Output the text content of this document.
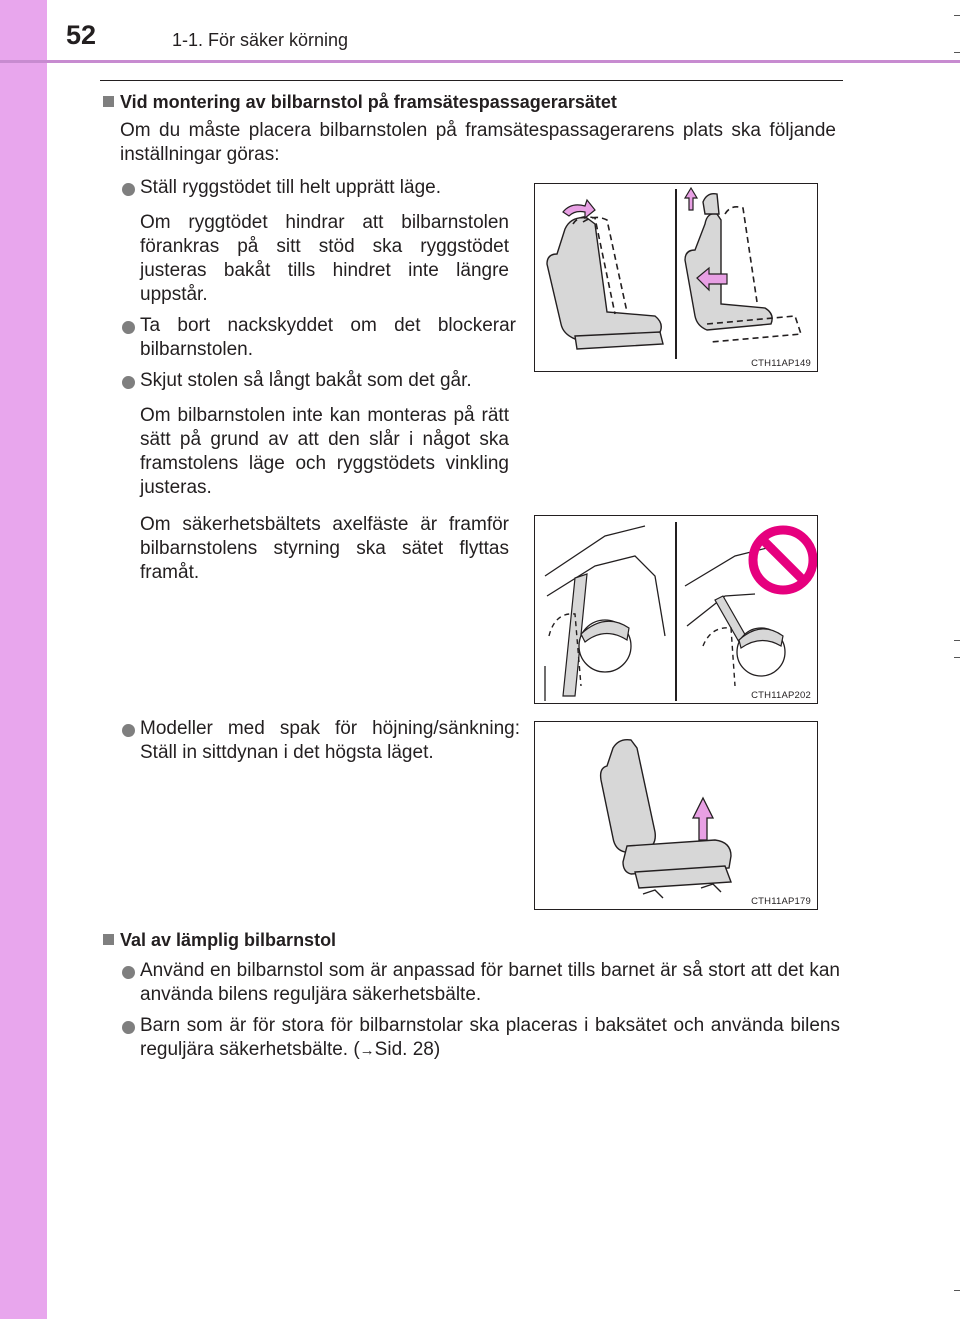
52	1-1. För säker körning
Vid montering av bilbarnstol på framsätespassagerarsätet
Om du måste placera bilbarnstolen på framsätespassagerarens plats ska följande inställningar göras:
Ställ ryggstödet till helt upprätt läge.
Om ryggtödet hindrar att bilbarnstolen förankras på sitt stöd ska ryggstödet justeras bakåt tills hindret inte längre uppstår.
Ta bort nackskyddet om det blockerar bilbarnstolen.
Skjut stolen så långt bakåt som det går.
Om bilbarnstolen inte kan monteras på rätt sätt på grund av att den slår i något ska framstolens läge och ryggstödets vinkling justeras.
Om säkerhetsbältets axelfäste är framför bilbarnstolens styrning ska sätet flyttas framåt.
Modeller med spak för höjning/sänkning: Ställ in sittdynan i det högsta läget.
CTH11AP149
CTH11AP202
CTH11AP179
Val av lämplig bilbarnstol
Använd en bilbarnstol som är anpassad för barnet tills barnet är så stort att det kan använda bilens reguljära säkerhetsbälte.
Barn som är för stora för bilbarnstolar ska placeras i baksätet och använda bilens reguljära säkerhetsbälte. (→Sid. 28)
